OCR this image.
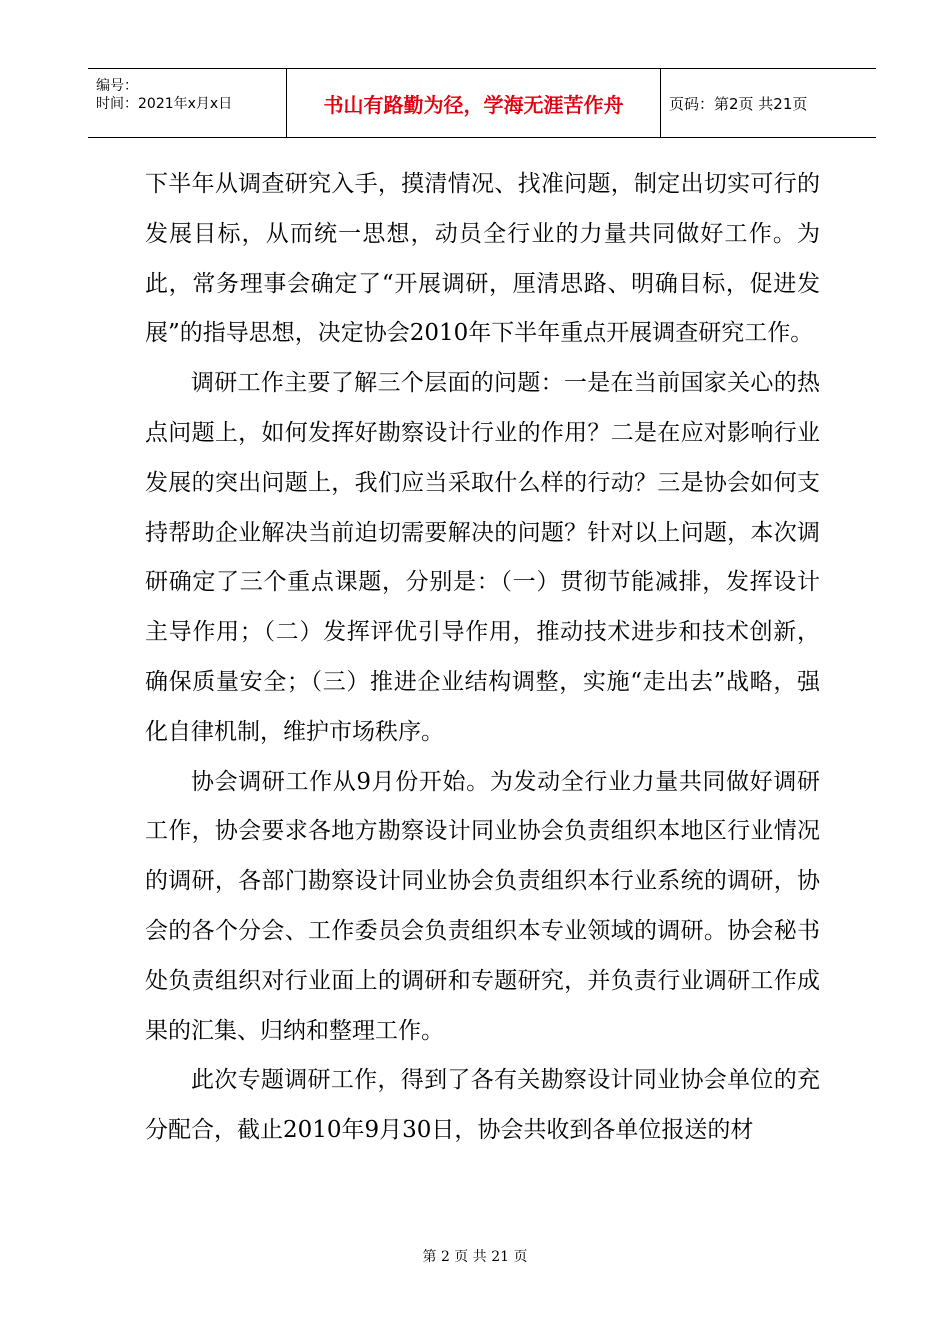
编号：
时间：2021年x月x日	书山有路勤为径，学海无涯苦作舟	页码：第2页 共21页

下半年从调查研究入手，摸清情况、找准问题，制定出切实可行的发展目标，从而统一思想，动员全行业的力量共同做好工作。为此，常务理事会确定了“开展调研，厘清思路、明确目标，促进发展”的指导思想，决定协会2010年下半年重点开展调查研究工作。

调研工作主要了解三个层面的问题：一是在当前国家关心的热点问题上，如何发挥好勘察设计行业的作用？二是在应对影响行业发展的突出问题上，我们应当采取什么样的行动？三是协会如何支持帮助企业解决当前迫切需要解决的问题？针对以上问题，本次调研确定了三个重点课题，分别是：（一）贯彻节能减排，发挥设计主导作用；（二）发挥评优引导作用，推动技术进步和技术创新，确保质量安全；（三）推进企业结构调整，实施“走出去”战略，强化自律机制，维护市场秩序。

协会调研工作从9月份开始。为发动全行业力量共同做好调研工作，协会要求各地方勘察设计同业协会负责组织本地区行业情况的调研，各部门勘察设计同业协会负责组织本行业系统的调研，协会的各个分会、工作委员会负责组织本专业领域的调研。协会秘书处负责组织对行业面上的调研和专题研究，并负责行业调研工作成果的汇集、归纳和整理工作。

此次专题调研工作，得到了各有关勘察设计同业协会单位的充分配合，截止2010年9月30日，协会共收到各单位报送的材

第 2 页 共 21 页
